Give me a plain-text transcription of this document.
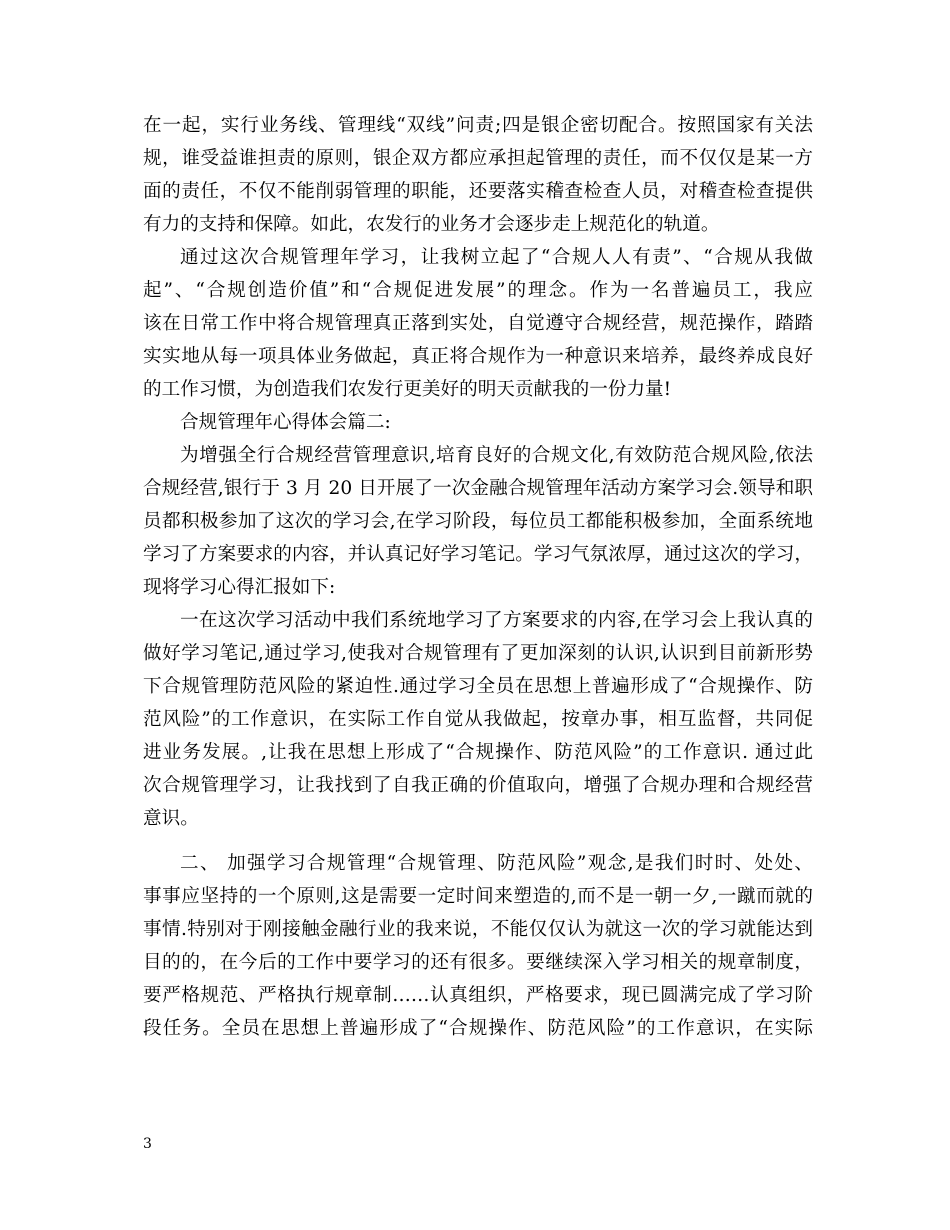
在一起，实行业务线、管理线“双线”问责;四是银企密切配合。按照国家有关法
规，谁受益谁担责的原则，银企双方都应承担起管理的责任，而不仅仅是某一方
面的责任，不仅不能削弱管理的职能，还要落实稽查检查人员，对稽查检查提供
有力的支持和保障。如此，农发行的业务才会逐步走上规范化的轨道。
通过这次合规管理年学习，让我树立起了“合规人人有责”、“合规从我做
起”、“合规创造价值”和“合规促进发展”的理念。作为一名普遍员工，我应
该在日常工作中将合规管理真正落到实处，自觉遵守合规经营，规范操作，踏踏
实实地从每一项具体业务做起，真正将合规作为一种意识来培养，最终养成良好
的工作习惯，为创造我们农发行更美好的明天贡献我的一份力量!
合规管理年心得体会篇二:
为增强全行合规经营管理意识,培育良好的合规文化,有效防范合规风险,依法
合规经营,银行于 3 月 20 日开展了一次金融合规管理年活动方案学习会.领导和职
员都积极参加了这次的学习会,在学习阶段，每位员工都能积极参加，全面系统地
学习了方案要求的内容，并认真记好学习笔记。学习气氛浓厚，通过这次的学习，
现将学习心得汇报如下:
一在这次学习活动中我们系统地学习了方案要求的内容,在学习会上我认真的
做好学习笔记,通过学习,使我对合规管理有了更加深刻的认识,认识到目前新形势
下合规管理防范风险的紧迫性.通过学习全员在思想上普遍形成了“合规操作、防
范风险”的工作意识，在实际工作自觉从我做起，按章办事，相互监督，共同促
进业务发展。,让我在思想上形成了“合规操作、防范风险”的工作意识. 通过此
次合规管理学习，让我找到了自我正确的价值取向，增强了合规办理和合规经营
意识。
二、 加强学习合规管理“合规管理、防范风险”观念,是我们时时、处处、
事事应坚持的一个原则,这是需要一定时间来塑造的,而不是一朝一夕,一蹴而就的
事情.特别对于刚接触金融行业的我来说，不能仅仅认为就这一次的学习就能达到
目的的，在今后的工作中要学习的还有很多。要继续深入学习相关的规章制度，
要严格规范、严格执行规章制……认真组织，严格要求，现已圆满完成了学习阶
段任务。全员在思想上普遍形成了“合规操作、防范风险”的工作意识，在实际
3
